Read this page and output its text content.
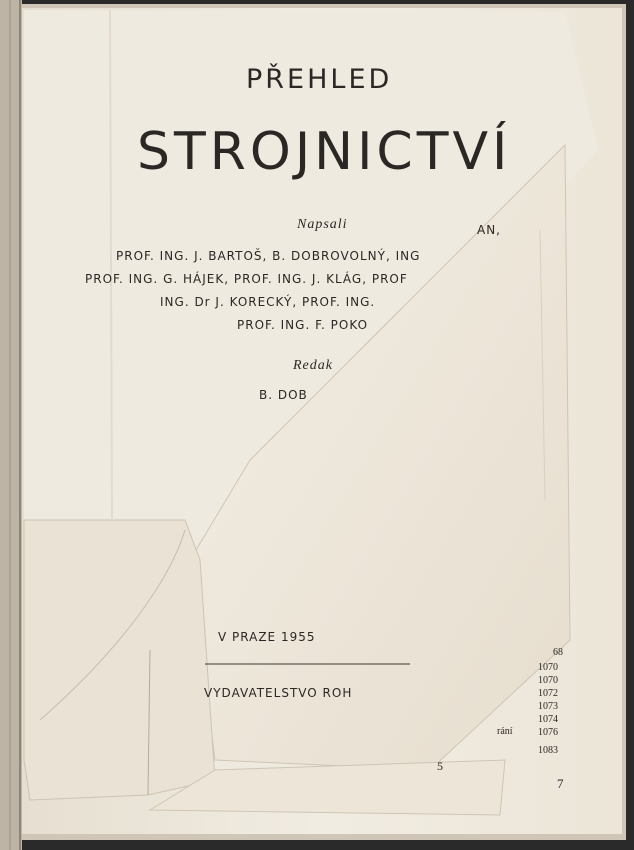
PŘEHLED
STROJNICTVÍ
Napsali	AN,
PROF. ING. J. BARTOŠ, B. DOBROVOLNÝ, ING
PROF. ING. G. HÁJEK, PROF. ING. J. KLÁG, PROF
ING. Dr J. KORECKÝ, PROF. ING.
PROF. ING. F. POKO
Redak
B. DOB
V PRAZE 1955
VYDAVATELSTVO ROH
5
68
1070
1070
1072
1073
1074
rání	1076
1083
7
